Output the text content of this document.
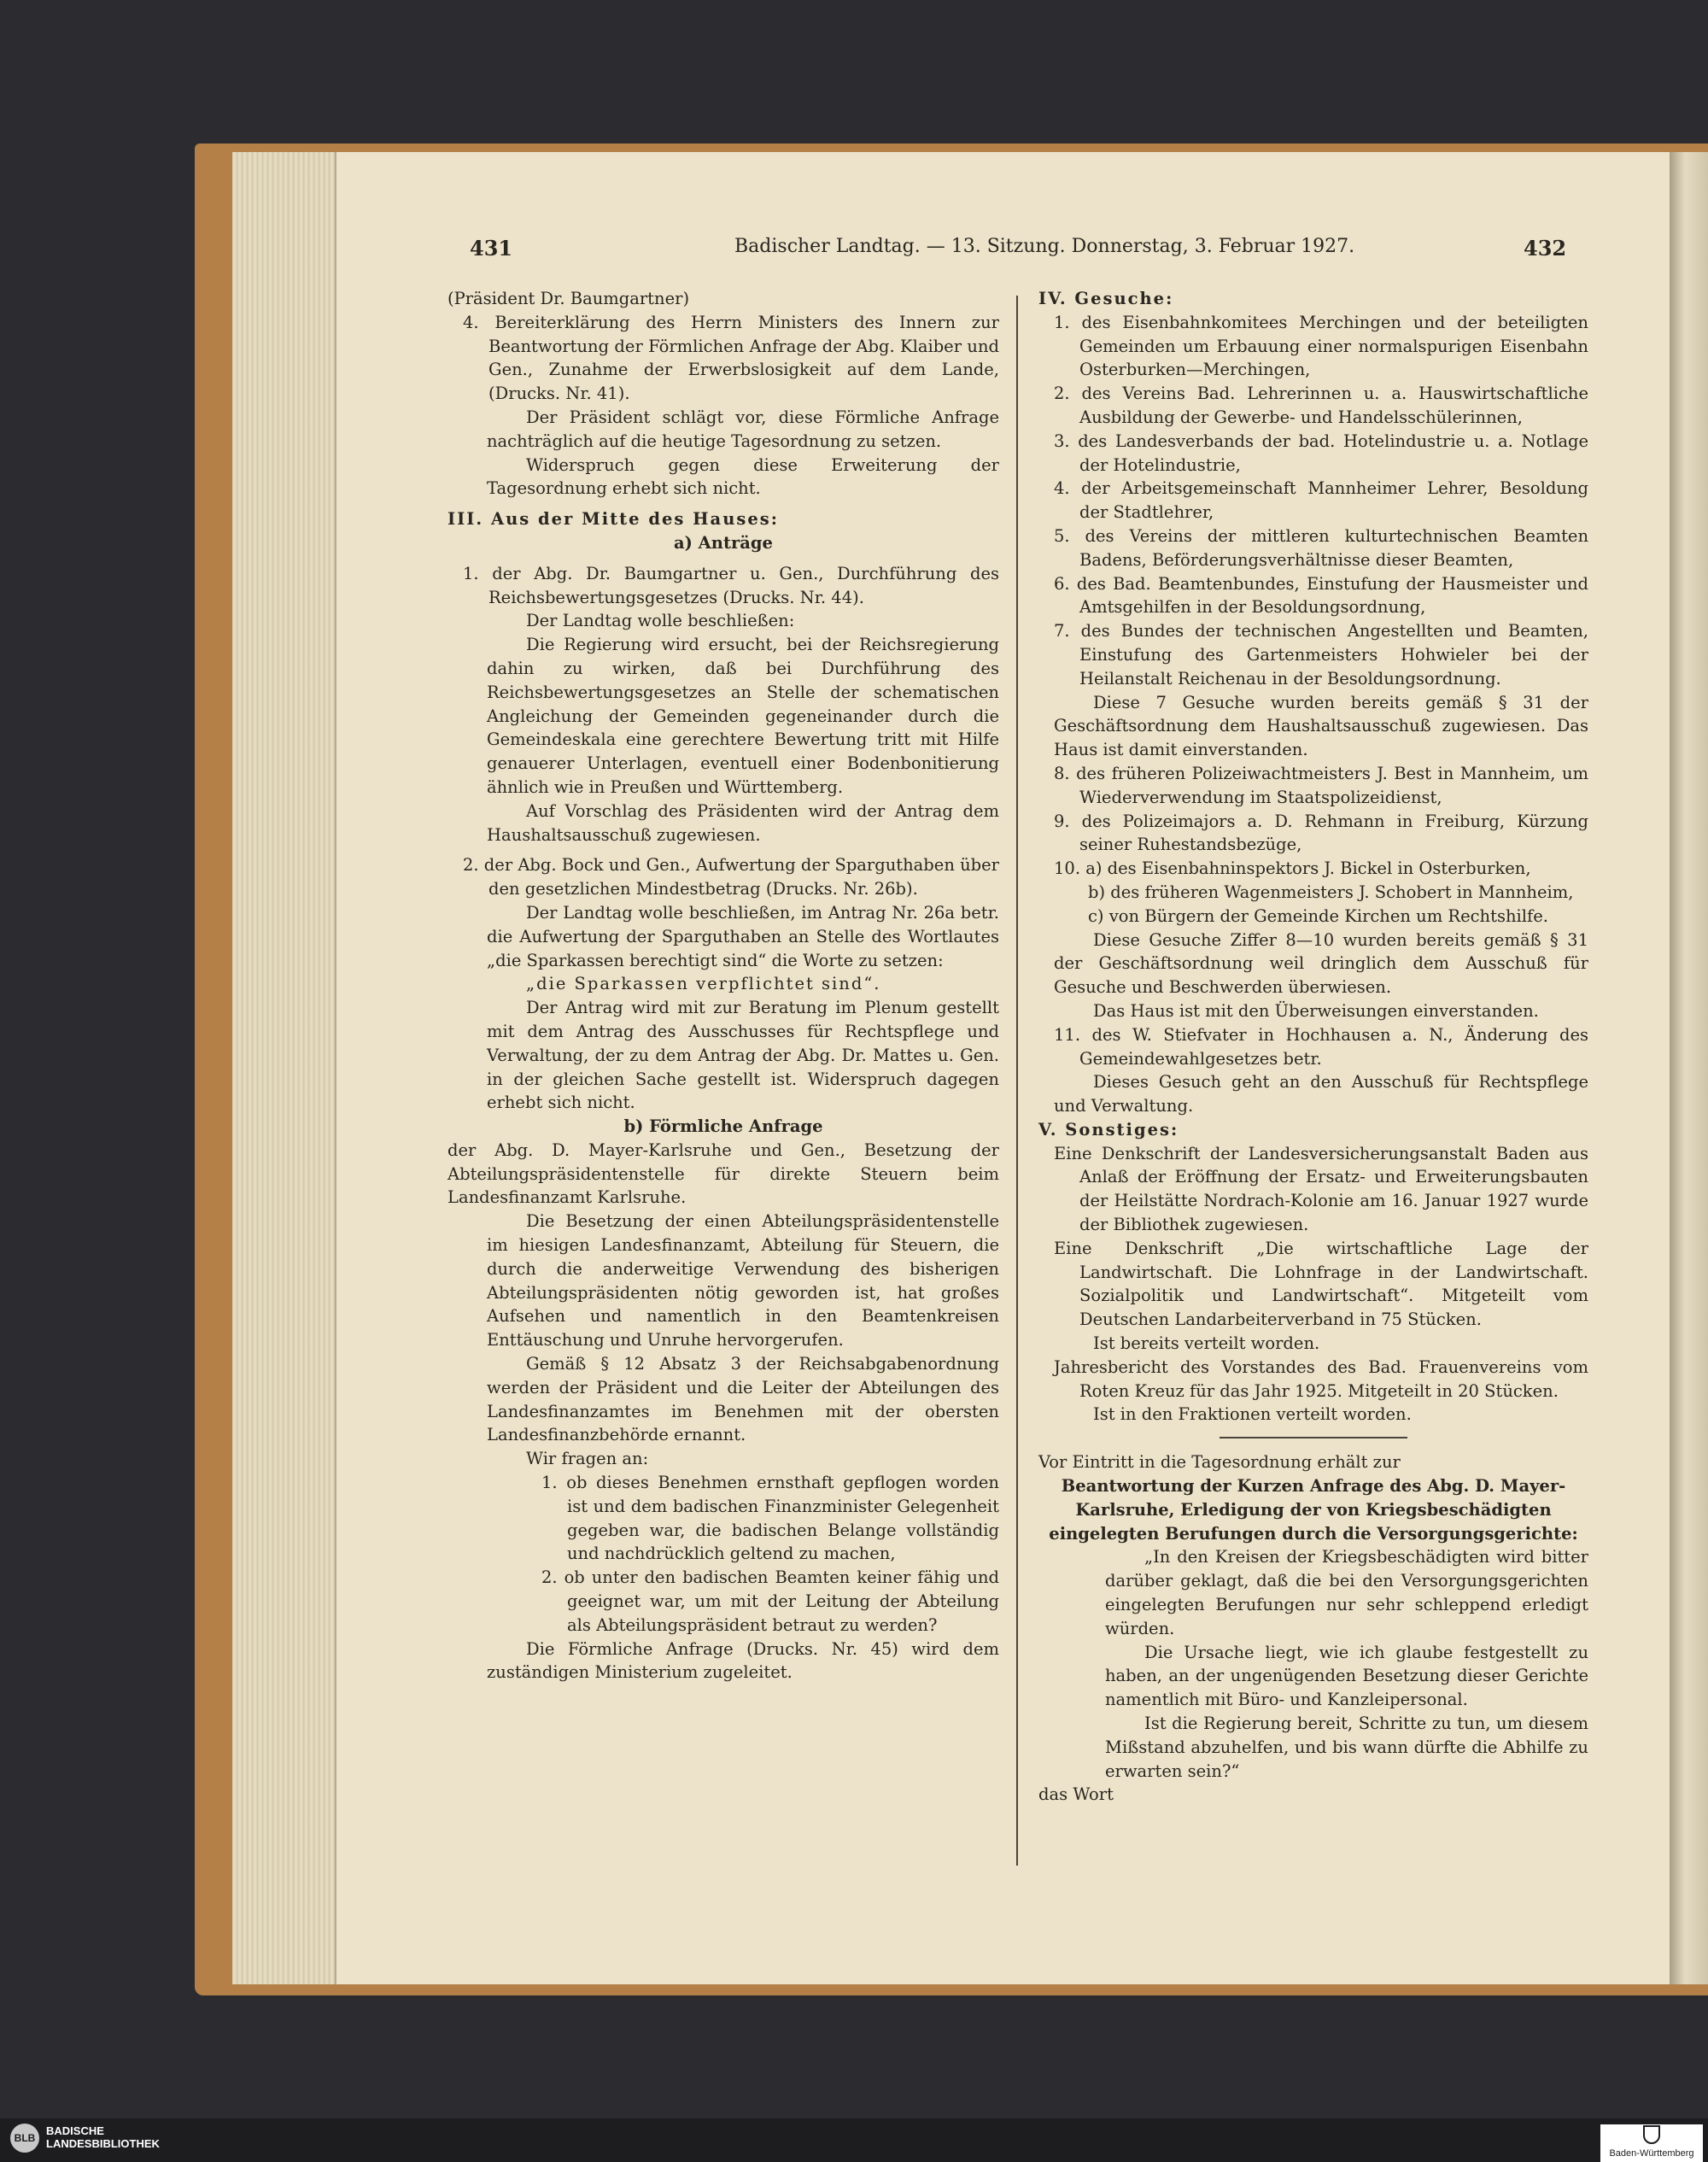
431	Badischer Landtag. — 13. Sitzung. Donnerstag, 3. Februar 1927.	432

(Präsident Dr. Baumgartner)

4. Bereiterklärung des Herrn Ministers des Innern zur Beantwortung der Förmlichen Anfrage der Abg. Klaiber und Gen., Zunahme der Erwerbslosigkeit auf dem Lande, (Drucks. Nr. 41).

Der Präsident schlägt vor, diese Förmliche Anfrage nachträglich auf die heutige Tagesordnung zu setzen.

Widerspruch gegen diese Erweiterung der Tagesordnung erhebt sich nicht.

III. Aus der Mitte des Hauses:

a) Anträge

1. der Abg. Dr. Baumgartner u. Gen., Durchführung des Reichsbewertungsgesetzes (Drucks. Nr. 44).

Der Landtag wolle beschließen:

Die Regierung wird ersucht, bei der Reichsregierung dahin zu wirken, daß bei Durchführung des Reichsbewertungsgesetzes an Stelle der schematischen Angleichung der Gemeinden gegeneinander durch die Gemeindeskala eine gerechtere Bewertung tritt mit Hilfe genauerer Unterlagen, eventuell einer Bodenbonitierung ähnlich wie in Preußen und Württemberg.

Auf Vorschlag des Präsidenten wird der Antrag dem Haushaltsausschuß zugewiesen.

2. der Abg. Bock und Gen., Aufwertung der Sparguthaben über den gesetzlichen Mindestbetrag (Drucks. Nr. 26b).

Der Landtag wolle beschließen, im Antrag Nr. 26a betr. die Aufwertung der Sparguthaben an Stelle des Wortlautes „die Sparkassen berechtigt sind“ die Worte zu setzen:

„die Sparkassen verpflichtet sind“.

Der Antrag wird mit zur Beratung im Plenum gestellt mit dem Antrag des Ausschusses für Rechtspflege und Verwaltung, der zu dem Antrag der Abg. Dr. Mattes u. Gen. in der gleichen Sache gestellt ist. Widerspruch dagegen erhebt sich nicht.

b) Förmliche Anfrage

der Abg. D. Mayer-Karlsruhe und Gen., Besetzung der Abteilungspräsidentenstelle für direkte Steuern beim Landesfinanzamt Karlsruhe.

Die Besetzung der einen Abteilungspräsidentenstelle im hiesigen Landesfinanzamt, Abteilung für Steuern, die durch die anderweitige Verwendung des bisherigen Abteilungspräsidenten nötig geworden ist, hat großes Aufsehen und namentlich in den Beamtenkreisen Enttäuschung und Unruhe hervorgerufen.

Gemäß § 12 Absatz 3 der Reichsabgabenordnung werden der Präsident und die Leiter der Abteilungen des Landesfinanzamtes im Benehmen mit der obersten Landesfinanzbehörde ernannt.

Wir fragen an:

1. ob dieses Benehmen ernsthaft gepflogen worden ist und dem badischen Finanzminister Gelegenheit gegeben war, die badischen Belange vollständig und nachdrücklich geltend zu machen,

2. ob unter den badischen Beamten keiner fähig und geeignet war, um mit der Leitung der Abteilung als Abteilungspräsident betraut zu werden?

Die Förmliche Anfrage (Drucks. Nr. 45) wird dem zuständigen Ministerium zugeleitet.

IV. Gesuche:

1. des Eisenbahnkomitees Merchingen und der beteiligten Gemeinden um Erbauung einer normalspurigen Eisenbahn Osterburken—Merchingen,

2. des Vereins Bad. Lehrerinnen u. a. Hauswirtschaftliche Ausbildung der Gewerbe- und Handelsschülerinnen,

3. des Landesverbands der bad. Hotelindustrie u. a. Notlage der Hotelindustrie,

4. der Arbeitsgemeinschaft Mannheimer Lehrer, Besoldung der Stadtlehrer,

5. des Vereins der mittleren kulturtechnischen Beamten Badens, Beförderungsverhältnisse dieser Beamten,

6. des Bad. Beamtenbundes, Einstufung der Hausmeister und Amtsgehilfen in der Besoldungsordnung,

7. des Bundes der technischen Angestellten und Beamten, Einstufung des Gartenmeisters Hohwieler bei der Heilanstalt Reichenau in der Besoldungsordnung.

Diese 7 Gesuche wurden bereits gemäß § 31 der Geschäftsordnung dem Haushaltsausschuß zugewiesen. Das Haus ist damit einverstanden.

8. des früheren Polizeiwachtmeisters J. Best in Mannheim, um Wiederverwendung im Staatspolizeidienst,

9. des Polizeimajors a. D. Rehmann in Freiburg, Kürzung seiner Ruhestandsbezüge,

10. a) des Eisenbahninspektors J. Bickel in Osterburken,

b) des früheren Wagenmeisters J. Schobert in Mannheim,

c) von Bürgern der Gemeinde Kirchen um Rechtshilfe.

Diese Gesuche Ziffer 8—10 wurden bereits gemäß § 31 der Geschäftsordnung weil dringlich dem Ausschuß für Gesuche und Beschwerden überwiesen.

Das Haus ist mit den Überweisungen einverstanden.

11. des W. Stiefvater in Hochhausen a. N., Änderung des Gemeindewahlgesetzes betr.

Dieses Gesuch geht an den Ausschuß für Rechtspflege und Verwaltung.

V. Sonstiges:

Eine Denkschrift der Landesversicherungsanstalt Baden aus Anlaß der Eröffnung der Ersatz- und Erweiterungsbauten der Heilstätte Nordrach-Kolonie am 16. Januar 1927 wurde der Bibliothek zugewiesen.

Eine Denkschrift „Die wirtschaftliche Lage der Landwirtschaft. Die Lohnfrage in der Landwirtschaft. Sozialpolitik und Landwirtschaft“. Mitgeteilt vom Deutschen Landarbeiterverband in 75 Stücken.

Ist bereits verteilt worden.

Jahresbericht des Vorstandes des Bad. Frauenvereins vom Roten Kreuz für das Jahr 1925. Mitgeteilt in 20 Stücken.

Ist in den Fraktionen verteilt worden.

Vor Eintritt in die Tagesordnung erhält zur

Beantwortung der Kurzen Anfrage des Abg. D. Mayer-Karlsruhe, Erledigung der von Kriegsbeschädigten eingelegten Berufungen durch die Versorgungsgerichte:

„In den Kreisen der Kriegsbeschädigten wird bitter darüber geklagt, daß die bei den Versorgungsgerichten eingelegten Berufungen nur sehr schleppend erledigt würden.

Die Ursache liegt, wie ich glaube festgestellt zu haben, an der ungenügenden Besetzung dieser Gerichte namentlich mit Büro- und Kanzleipersonal.

Ist die Regierung bereit, Schritte zu tun, um diesem Mißstand abzuhelfen, und bis wann dürfte die Abhilfe zu erwarten sein?“

das Wort

BLB
BADISCHE
LANDESBIBLIOTHEK
Baden-Württemberg
